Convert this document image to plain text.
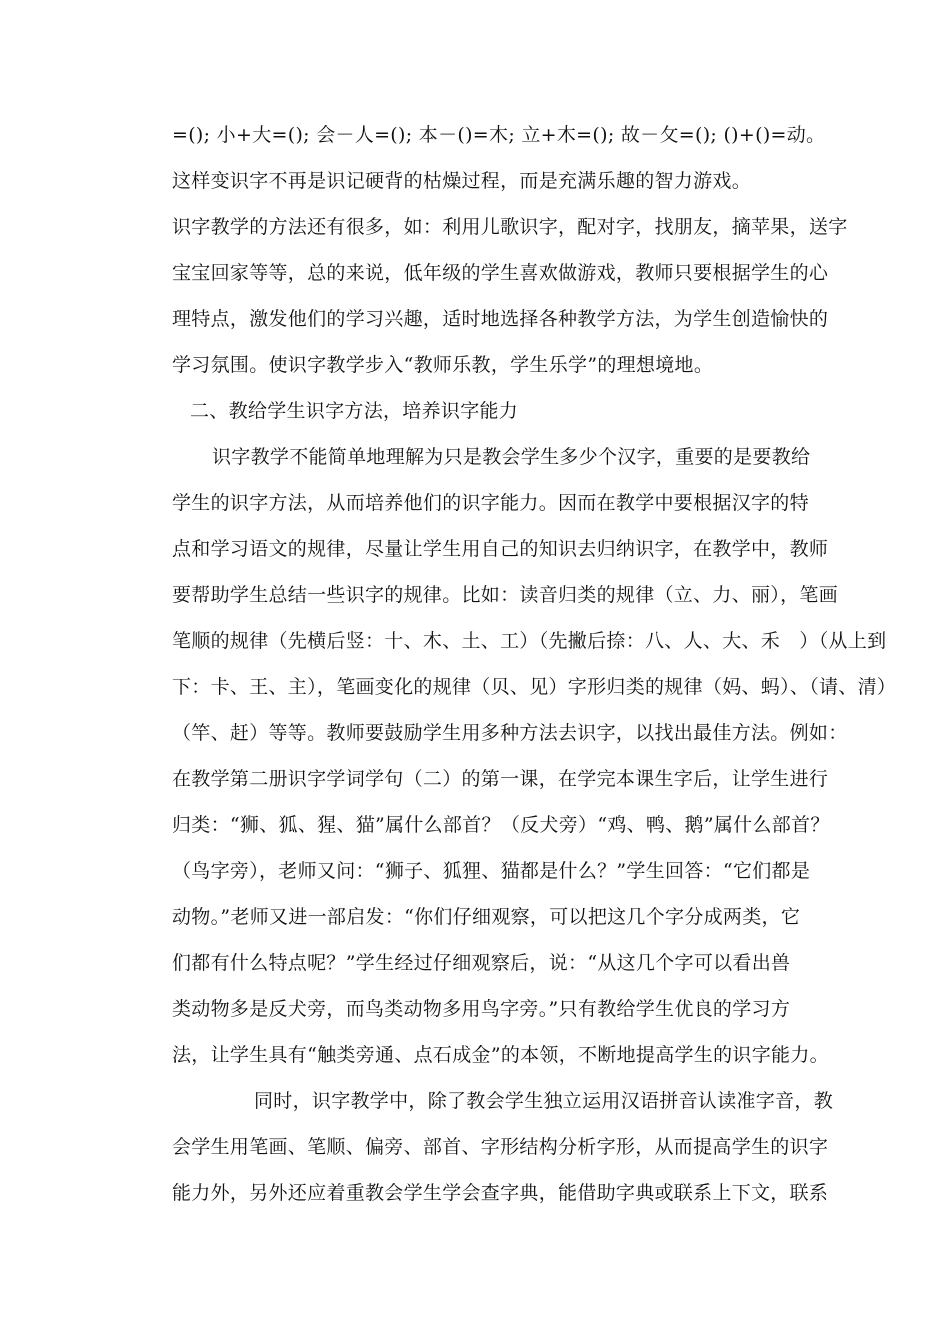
=(); 小+大=(); 会－人=(); 本－()=木; 立+木=(); 故－攵=(); ()+()=动。
这样变识字不再是识记硬背的枯燥过程，而是充满乐趣的智力游戏。
识字教学的方法还有很多，如：利用儿歌识字，配对字，找朋友，摘苹果，送字
宝宝回家等等，总的来说，低年级的学生喜欢做游戏，教师只要根据学生的心
理特点，激发他们的学习兴趣，适时地选择各种教学方法，为学生创造愉快的
学习氛围。使识字教学步入“教师乐教，学生乐学”的理想境地。
二、教给学生识字方法，培养识字能力
识字教学不能简单地理解为只是教会学生多少个汉字，重要的是要教给
学生的识字方法，从而培养他们的识字能力。因而在教学中要根据汉字的特
点和学习语文的规律，尽量让学生用自己的知识去归纳识字，在教学中，教师
要帮助学生总结一些识字的规律。比如：读音归类的规律（立、力、丽），笔画
笔顺的规律（先横后竖：十、木、土、工）（先撇后捺：八、人、大、禾　）（从上到
下：卡、王、主），笔画变化的规律（贝、见）字形归类的规律（妈、蚂）、（请、清）
（竿、赶）等等。教师要鼓励学生用多种方法去识字，以找出最佳方法。例如：
在教学第二册识字学词学句（二）的第一课，在学完本课生字后，让学生进行
归类：“狮、狐、猩、猫”属什么部首？（反犬旁）“鸡、鸭、鹅”属什么部首？
（鸟字旁），老师又问：“狮子、狐狸、猫都是什么？”学生回答：“它们都是
动物。”老师又进一部启发：“你们仔细观察，可以把这几个字分成两类，它
们都有什么特点呢？”学生经过仔细观察后，说：“从这几个字可以看出兽
类动物多是反犬旁，而鸟类动物多用鸟字旁。”只有教给学生优良的学习方
法，让学生具有“触类旁通、点石成金”的本领，不断地提高学生的识字能力。
同时，识字教学中，除了教会学生独立运用汉语拼音认读准字音，教
会学生用笔画、笔顺、偏旁、部首、字形结构分析字形，从而提高学生的识字
能力外，另外还应着重教会学生学会查字典，能借助字典或联系上下文，联系
